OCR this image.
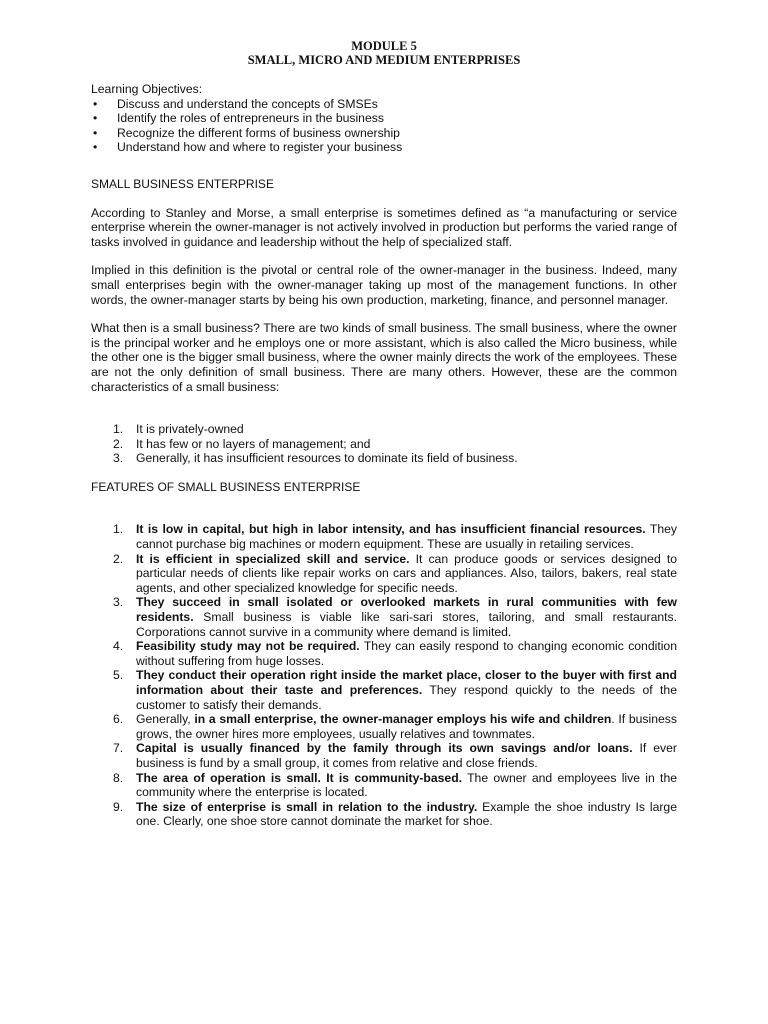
MODULE 5
SMALL, MICRO AND MEDIUM ENTERPRISES
Learning Objectives:
• Discuss and understand the concepts of SMSEs
• Identify the roles of entrepreneurs in the business
• Recognize the different forms of business ownership
• Understand how and where to register your business
SMALL BUSINESS ENTERPRISE

According to Stanley and Morse, a small enterprise is sometimes defined as “a manufacturing or service enterprise wherein the owner-manager is not actively involved in production but performs the varied range of tasks involved in guidance and leadership without the help of specialized staff.

Implied in this definition is the pivotal or central role of the owner-manager in the business. Indeed, many small enterprises begin with the owner-manager taking up most of the management functions. In other words, the owner-manager starts by being his own production, marketing, finance, and personnel manager.

What then is a small business? There are two kinds of small business. The small business, where the owner is the principal worker and he employs one or more assistant, which is also called the Micro business, while the other one is the bigger small business, where the owner mainly directs the work of the employees. These are not the only definition of small business. There are many others. However, these are the common characteristics of a small business:

1. It is privately-owned
2. It has few or no layers of management; and
3. Generally, it has insufficient resources to dominate its field of business.
FEATURES OF SMALL BUSINESS ENTERPRISE
1. It is low in capital, but high in labor intensity, and has insufficient financial resources. They cannot purchase big machines or modern equipment. These are usually in retailing services.
2. It is efficient in specialized skill and service. It can produce goods or services designed to particular needs of clients like repair works on cars and appliances. Also, tailors, bakers, real state agents, and other specialized knowledge for specific needs.
3. They succeed in small isolated or overlooked markets in rural communities with few residents. Small business is viable like sari-sari stores, tailoring, and small restaurants. Corporations cannot survive in a community where demand is limited.
4. Feasibility study may not be required. They can easily respond to changing economic condition without suffering from huge losses.
5. They conduct their operation right inside the market place, closer to the buyer with first and information about their taste and preferences. They respond quickly to the needs of the customer to satisfy their demands.
6. Generally, in a small enterprise, the owner-manager employs his wife and children. If business grows, the owner hires more employees, usually relatives and townmates.
7. Capital is usually financed by the family through its own savings and/or loans. If ever business is fund by a small group, it comes from relative and close friends.
8. The area of operation is small. It is community-based. The owner and employees live in the community where the enterprise is located.
9. The size of enterprise is small in relation to the industry. Example the shoe industry Is large one. Clearly, one shoe store cannot dominate the market for shoe.
